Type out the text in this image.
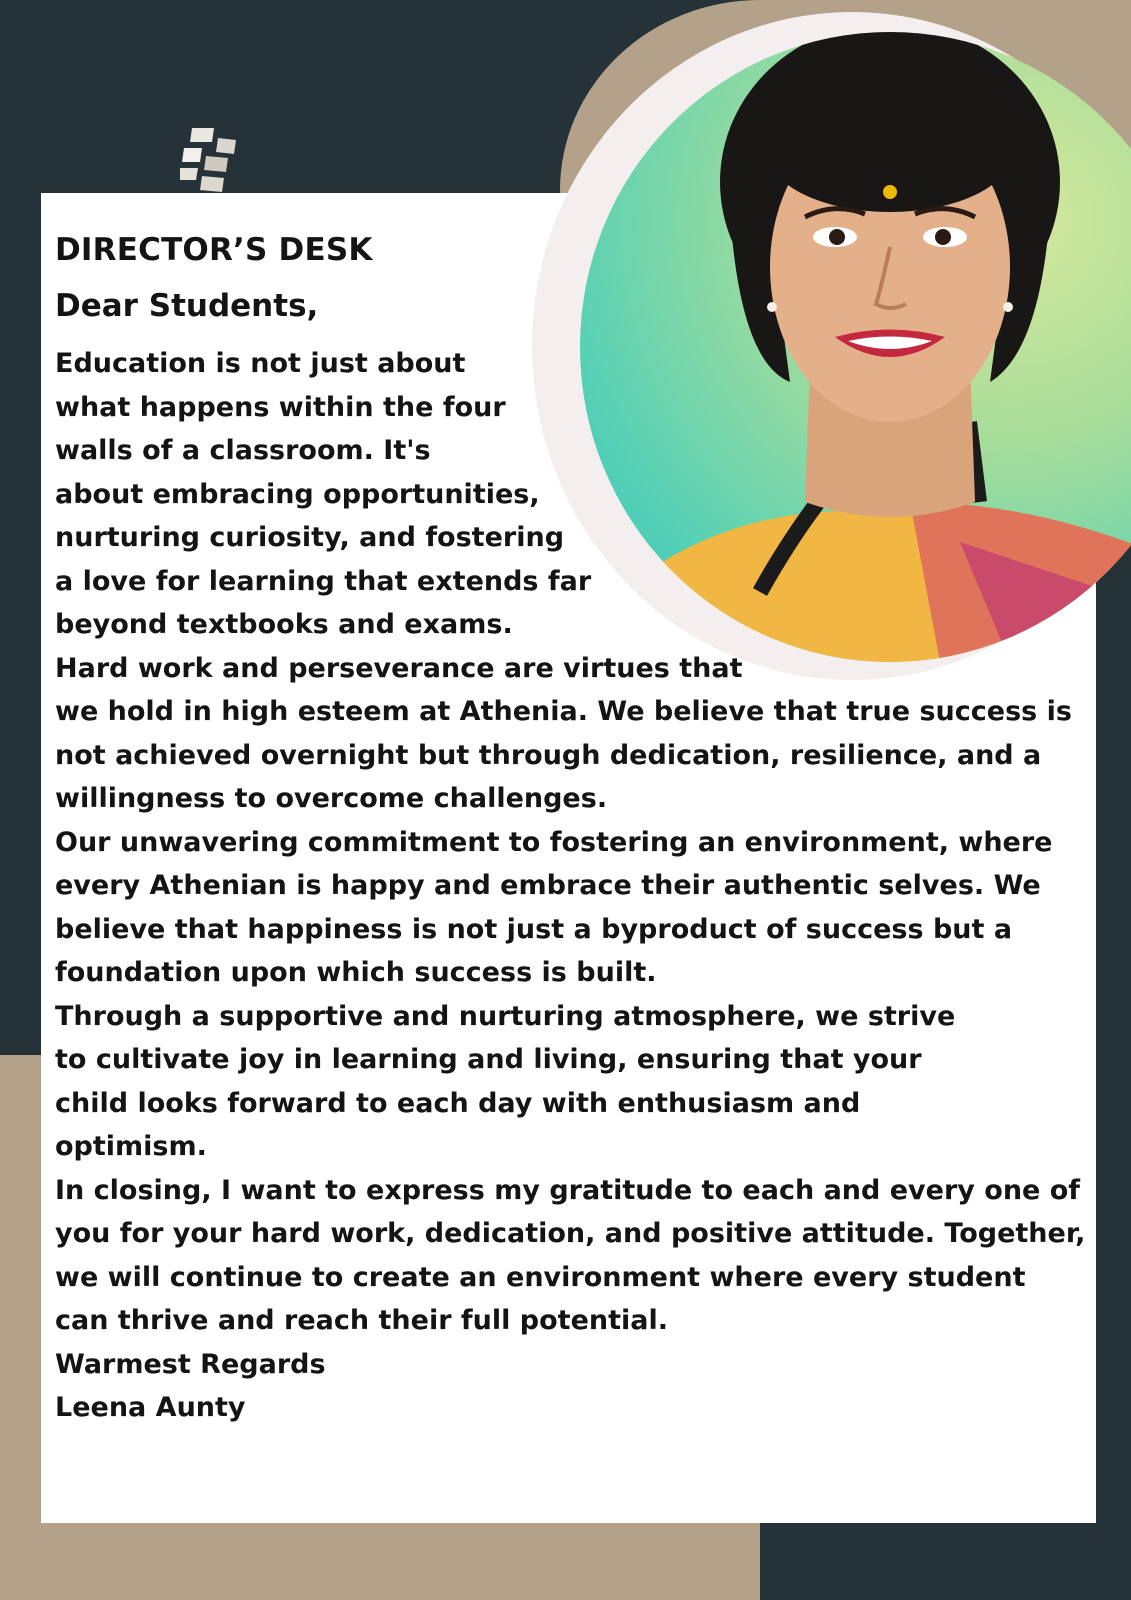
DIRECTOR’S DESK
Dear Students,
Education is not just about
what happens within the four
walls of a classroom. It's
about embracing opportunities,
nurturing curiosity, and fostering
a love for learning that extends far
beyond textbooks and exams.
Hard work and perseverance are virtues that
we hold in high esteem at Athenia. We believe that true success is
not achieved overnight but through dedication, resilience, and a
willingness to overcome challenges.
Our unwavering commitment to fostering an environment, where
every Athenian is happy and embrace their authentic selves. We
believe that happiness is not just a byproduct of success but a
foundation upon which success is built.
Through a supportive and nurturing atmosphere, we strive
to cultivate joy in learning and living, ensuring that your
child looks forward to each day with enthusiasm and
optimism.
In closing, I want to express my gratitude to each and every one of
you for your hard work, dedication, and positive attitude. Together,
we will continue to create an environment where every student
can thrive and reach their full potential.
Warmest Regards
Leena Aunty
